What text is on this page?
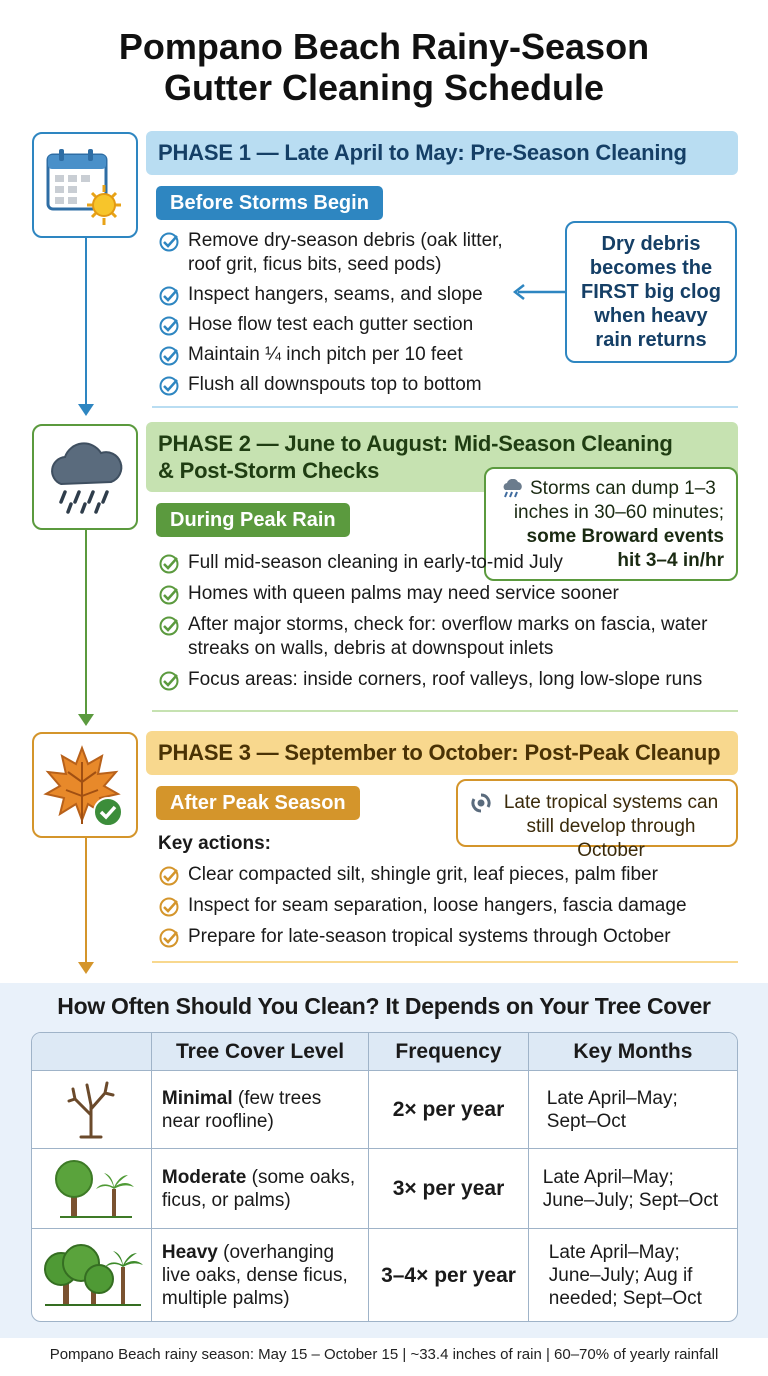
Pompano Beach Rainy-Season
Gutter Cleaning Schedule
PHASE 1 — Late April to May: Pre-Season Cleaning
Before Storms Begin
Remove dry-season debris (oak litter, roof grit, ficus bits, seed pods)
Inspect hangers, seams, and slope
Hose flow test each gutter section
Maintain ¼ inch pitch per 10 feet
Flush all downspouts top to bottom
Dry debris becomes the FIRST big clog when heavy rain returns
PHASE 2 — June to August: Mid-Season Cleaning
& Post-Storm Checks
Storms can dump 1–3
inches in 30–60 minutes;
some Broward events
hit 3–4 in/hr
During Peak Rain
Full mid-season cleaning in early-to-mid July
Homes with queen palms may need service sooner
After major storms, check for: overflow marks on fascia, water streaks on walls, debris at downspout inlets
Focus areas: inside corners, roof valleys, long low-slope runs
PHASE 3 — September to October: Post-Peak Cleanup
After Peak Season	Late tropical systems can still develop through October
Key actions:
Clear compacted silt, shingle grit, leaf pieces, palm fiber
Inspect for seam separation, loose hangers, fascia damage
Prepare for late-season tropical systems through October
How Often Should You Clean? It Depends on Your Tree Cover
	Tree Cover Level	Frequency	Key Months
	Minimal (few trees near roofline)	2× per year	Late April–May; Sept–Oct
	Moderate (some oaks, ficus, or palms)	3× per year	Late April–May; June–July; Sept–Oct
	Heavy (overhanging live oaks, dense ficus, multiple palms)	3–4× per year	Late April–May; June–July; Aug if needed; Sept–Oct
Pompano Beach rainy season: May 15 – October 15 | ~33.4 inches of rain | 60–70% of yearly rainfall
